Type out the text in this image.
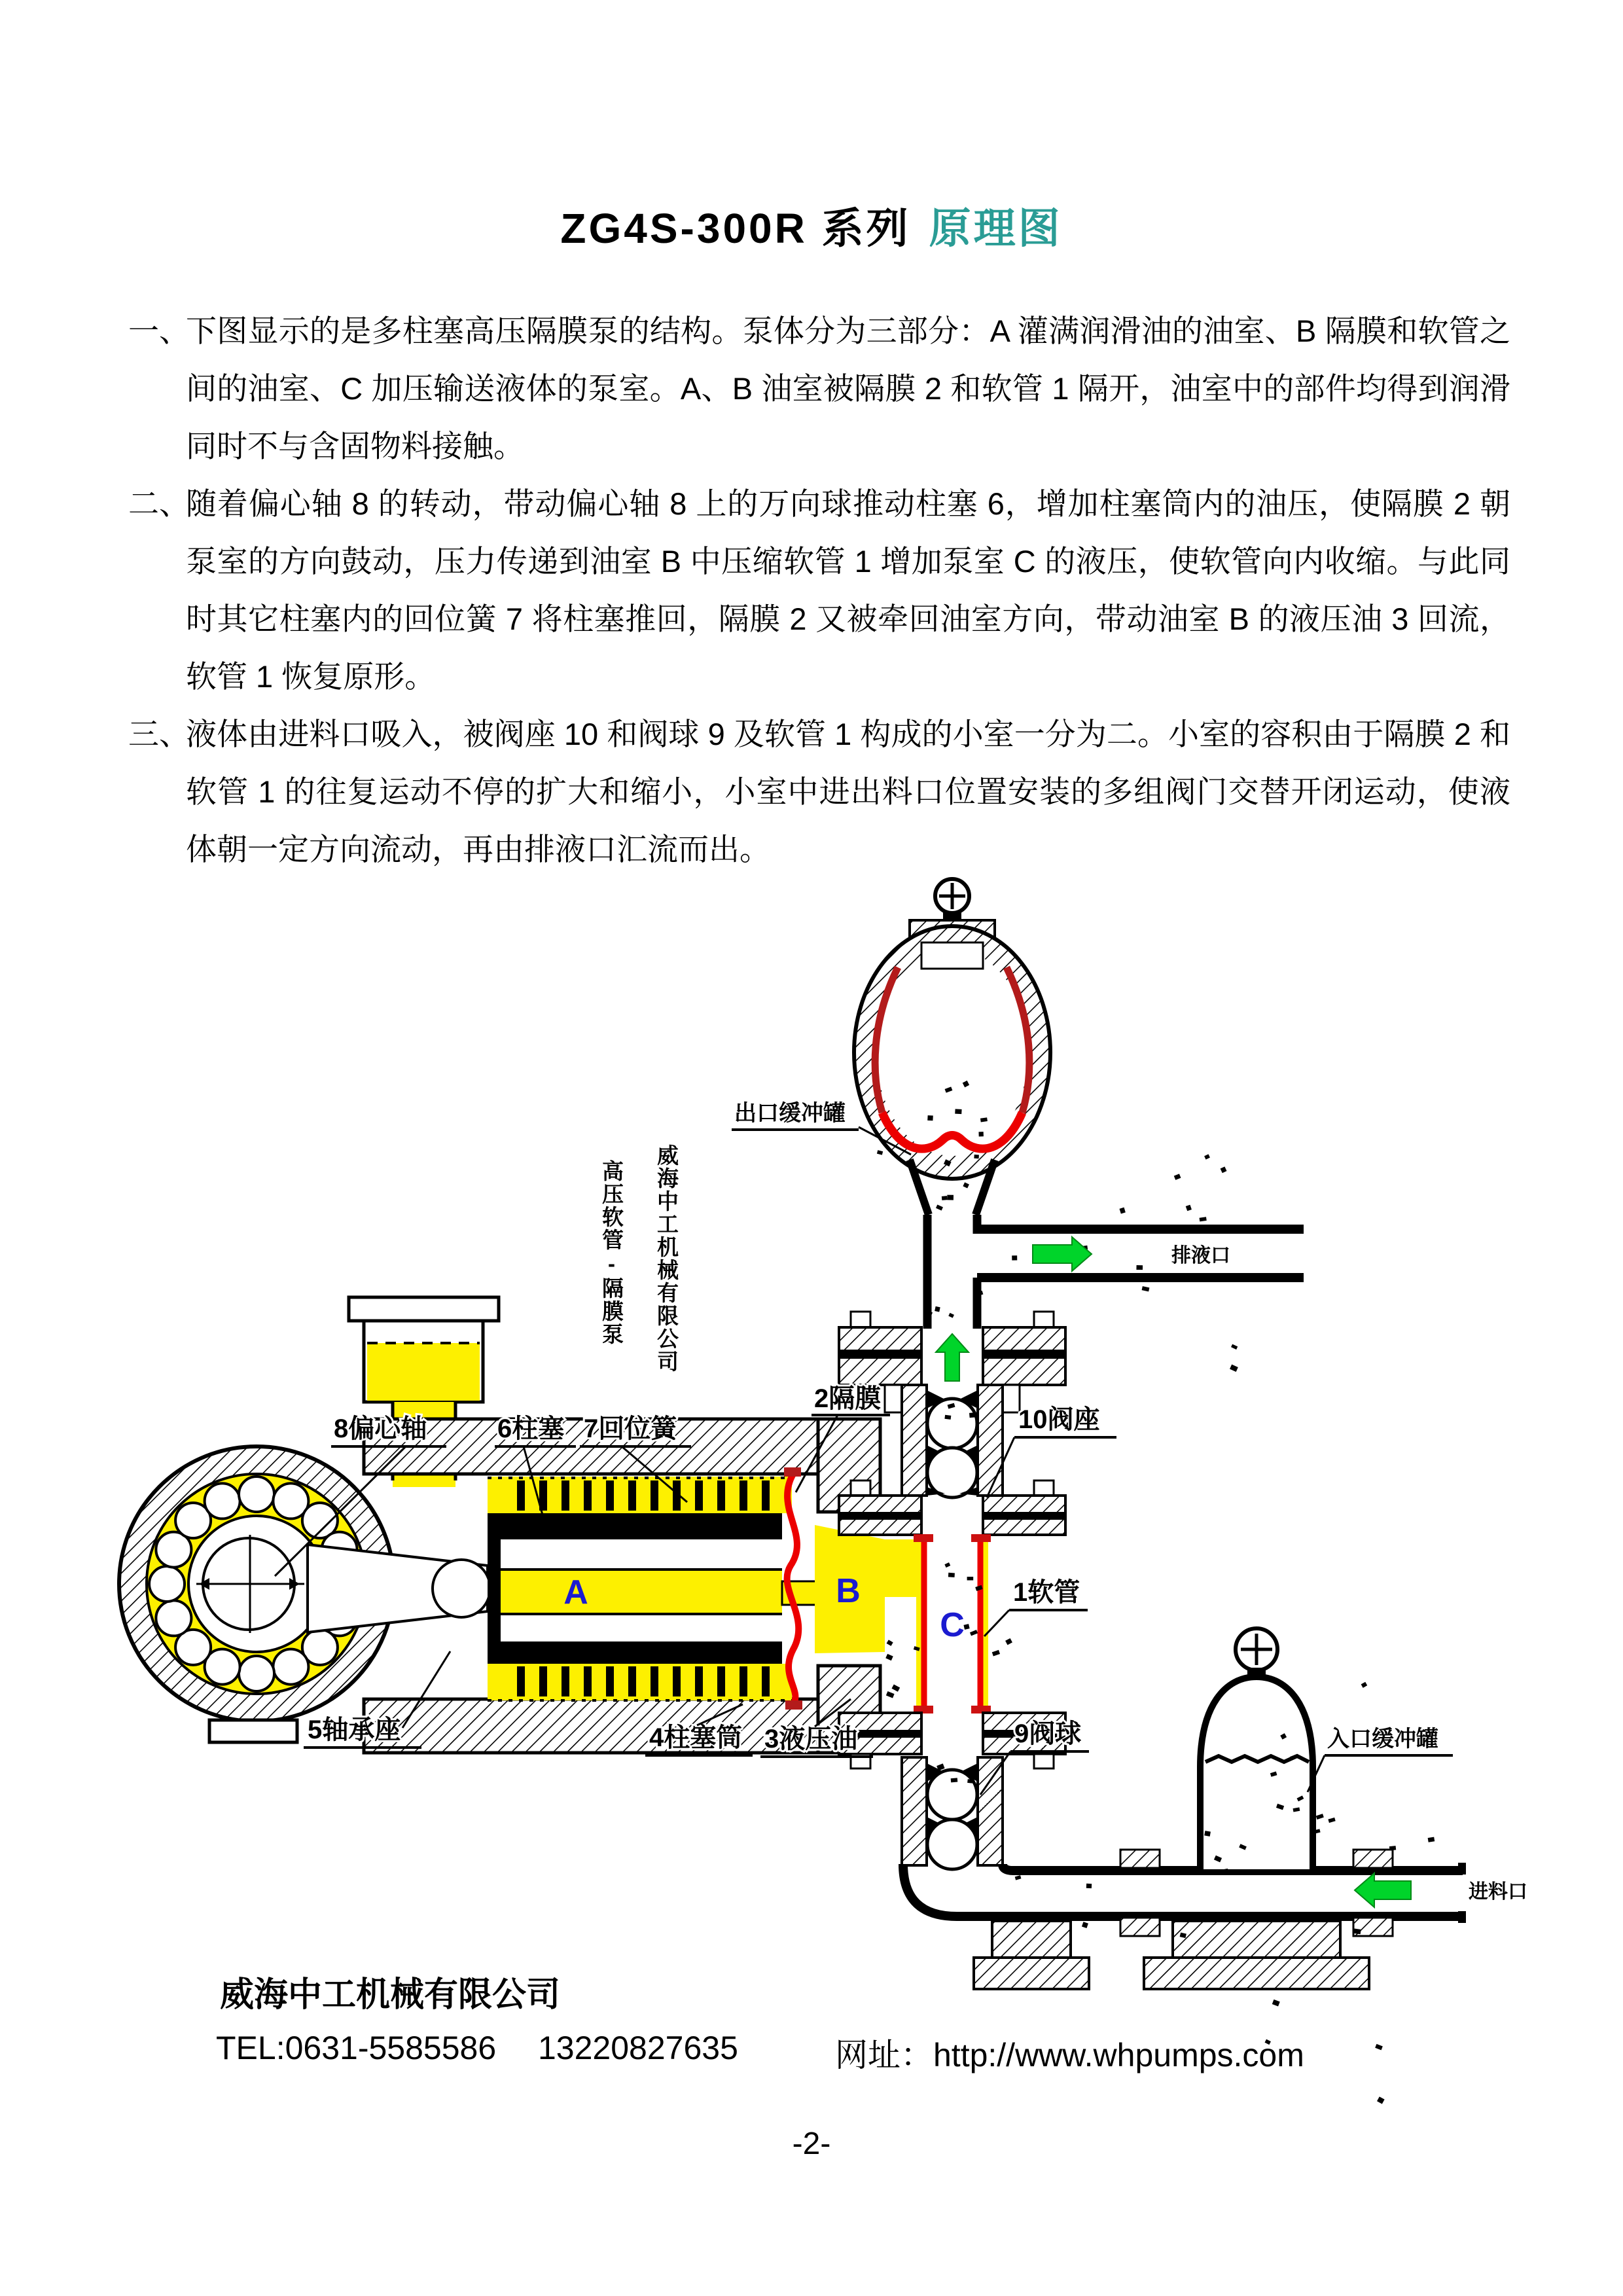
ZG4S-300R 系列 原理图
一、
下图显示的是多柱塞高压隔膜泵的结构。泵体分为三部分：A 灌满润滑油的油室、B 隔膜和软管之间的油室、C 加压输送液体的泵室。A、B 油室被隔膜 2 和软管 1 隔开，油室中的部件均得到润滑同时不与含固物料接触。
二、
随着偏心轴 8 的转动，带动偏心轴 8 上的万向球推动柱塞 6，增加柱塞筒内的油压，使隔膜 2 朝泵室的方向鼓动，压力传递到油室 B 中压缩软管 1 增加泵室 C 的液压，使软管向内收缩。与此同时其它柱塞内的回位簧 7 将柱塞推回，隔膜 2 又被牵回油室方向，带动油室 B 的液压油 3 回流，软管 1 恢复原形。
三、
液体由进料口吸入，被阀座 10 和阀球 9 及软管 1 构成的小室一分为二。小室的容积由于隔膜 2 和软管 1 的往复运动不停的扩大和缩小，小室中进出料口位置安装的多组阀门交替开闭运动，使液体朝一定方向流动，再由排液口汇流而出。
A	B
C
出口缓冲罐
排液口
进料口
入口缓冲罐
8偏心轴	6柱塞 7回位簧
2隔膜
10阀座
1软管
9阀球
5轴承座	4柱塞筒 3液压油
威海中工机械有限公司
高压软管-隔膜泵
威海中工机械有限公司
TEL:0631-5585586 13220827635	网址：http://www.whpumps.com
-2-
